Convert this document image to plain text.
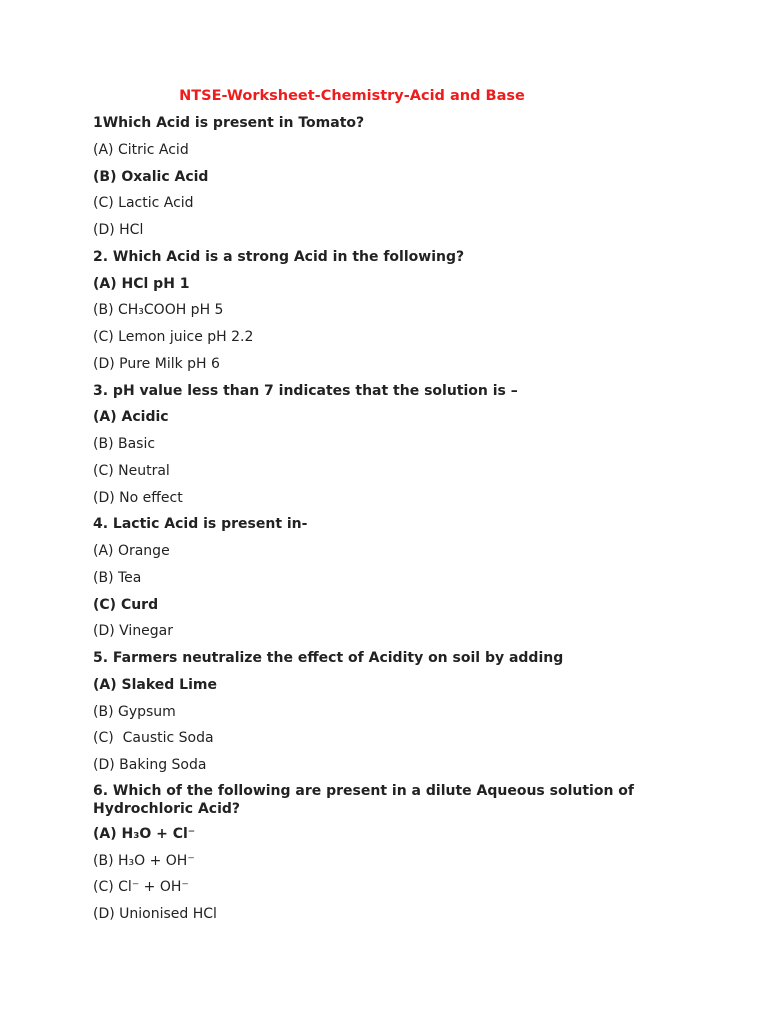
NTSE-Worksheet-Chemistry-Acid and Base
1Which Acid is present in Tomato?
(A) Citric Acid
(B) Oxalic Acid
(C) Lactic Acid
(D) HCl
2. Which Acid is a strong Acid in the following?
(A) HCl pH 1
(B) CH₃COOH pH 5
(C) Lemon juice pH 2.2
(D) Pure Milk pH 6
3. pH value less than 7 indicates that the solution is –
(A) Acidic
(B) Basic
(C) Neutral
(D) No effect
4. Lactic Acid is present in-
(A) Orange
(B) Tea
(C) Curd
(D) Vinegar
5. Farmers neutralize the effect of Acidity on soil by adding
(A) Slaked Lime
(B) Gypsum
(C)  Caustic Soda
(D) Baking Soda
6. Which of the following are present in a dilute Aqueous solution of Hydrochloric Acid?
(A) H₃O + Cl⁻
(B) H₃O + OH⁻
(C) Cl⁻ + OH⁻
(D) Unionised HCl
